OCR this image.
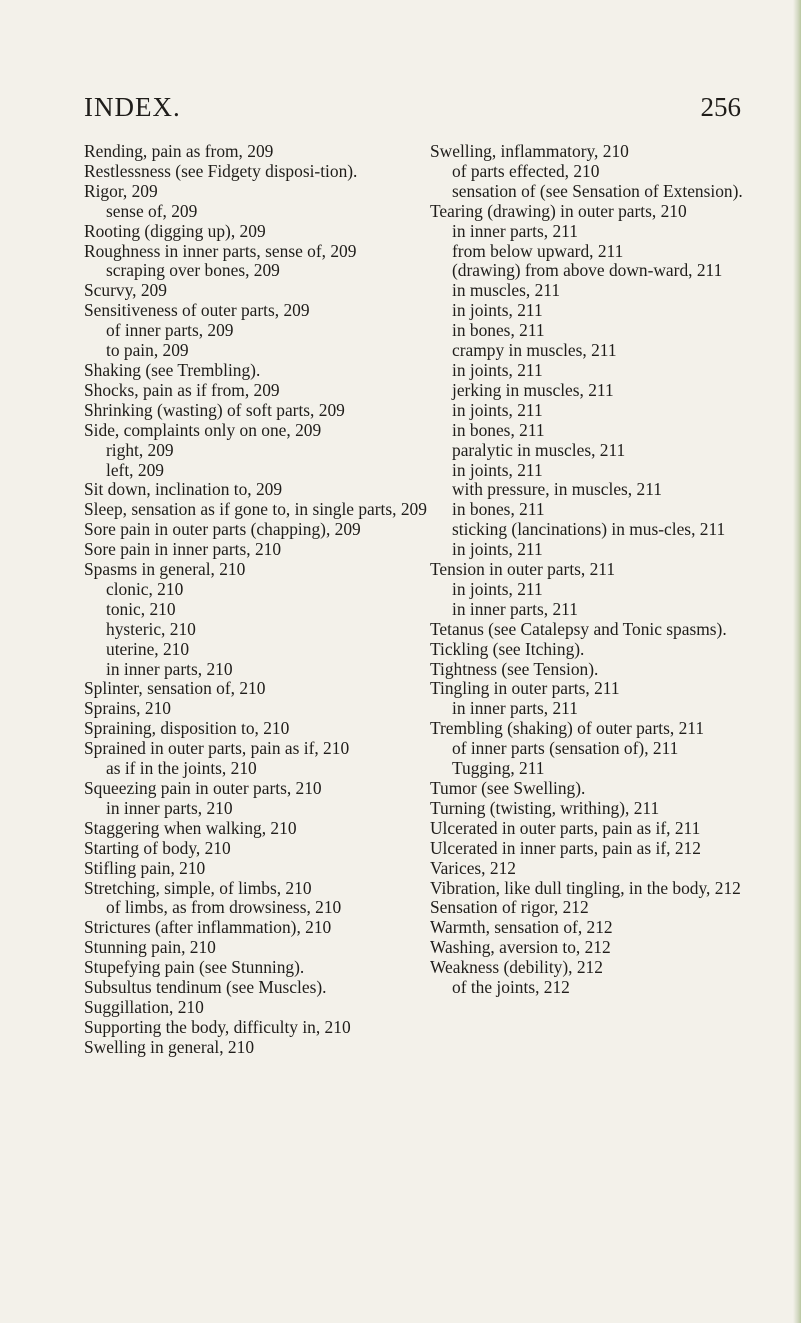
INDEX.	256

Rending, pain as from, 209

Restlessness (see Fidgety disposi-tion).

Rigor, 209

sense of, 209

Rooting (digging up), 209

Roughness in inner parts, sense of, 209

scraping over bones, 209

Scurvy, 209

Sensitiveness of outer parts, 209

of inner parts, 209

to pain, 209

Shaking (see Trembling).

Shocks, pain as if from, 209

Shrinking (wasting) of soft parts, 209

Side, complaints only on one, 209

right, 209

left, 209

Sit down, inclination to, 209

Sleep, sensation as if gone to, in single parts, 209

Sore pain in outer parts (chapping), 209

Sore pain in inner parts, 210

Spasms in general, 210

clonic, 210

tonic, 210

hysteric, 210

uterine, 210

in inner parts, 210

Splinter, sensation of, 210

Sprains, 210

Spraining, disposition to, 210

Sprained in outer parts, pain as if, 210

as if in the joints, 210

Squeezing pain in outer parts, 210

in inner parts, 210

Staggering when walking, 210

Starting of body, 210

Stifling pain, 210

Stretching, simple, of limbs, 210

of limbs, as from drowsiness, 210

Strictures (after inflammation), 210

Stunning pain, 210

Stupefying pain (see Stunning).

Subsultus tendinum (see Muscles).

Suggillation, 210

Supporting the body, difficulty in, 210

Swelling in general, 210

Swelling, inflammatory, 210

of parts effected, 210

sensation of (see Sensation of Extension).

Tearing (drawing) in outer parts, 210

in inner parts, 211

from below upward, 211

(drawing) from above down-ward, 211

in muscles, 211

in joints, 211

in bones, 211

crampy in muscles, 211

in joints, 211

jerking in muscles, 211

in joints, 211

in bones, 211

paralytic in muscles, 211

in joints, 211

with pressure, in muscles, 211

in bones, 211

sticking (lancinations) in mus-cles, 211

in joints, 211

Tension in outer parts, 211

in joints, 211

in inner parts, 211

Tetanus (see Catalepsy and Tonic spasms).

Tickling (see Itching).

Tightness (see Tension).

Tingling in outer parts, 211

in inner parts, 211

Trembling (shaking) of outer parts, 211

of inner parts (sensation of), 211

Tugging, 211

Tumor (see Swelling).

Turning (twisting, writhing), 211

Ulcerated in outer parts, pain as if, 211

Ulcerated in inner parts, pain as if, 212

Varices, 212

Vibration, like dull tingling, in the body, 212

Sensation of rigor, 212

Warmth, sensation of, 212

Washing, aversion to, 212

Weakness (debility), 212

of the joints, 212
